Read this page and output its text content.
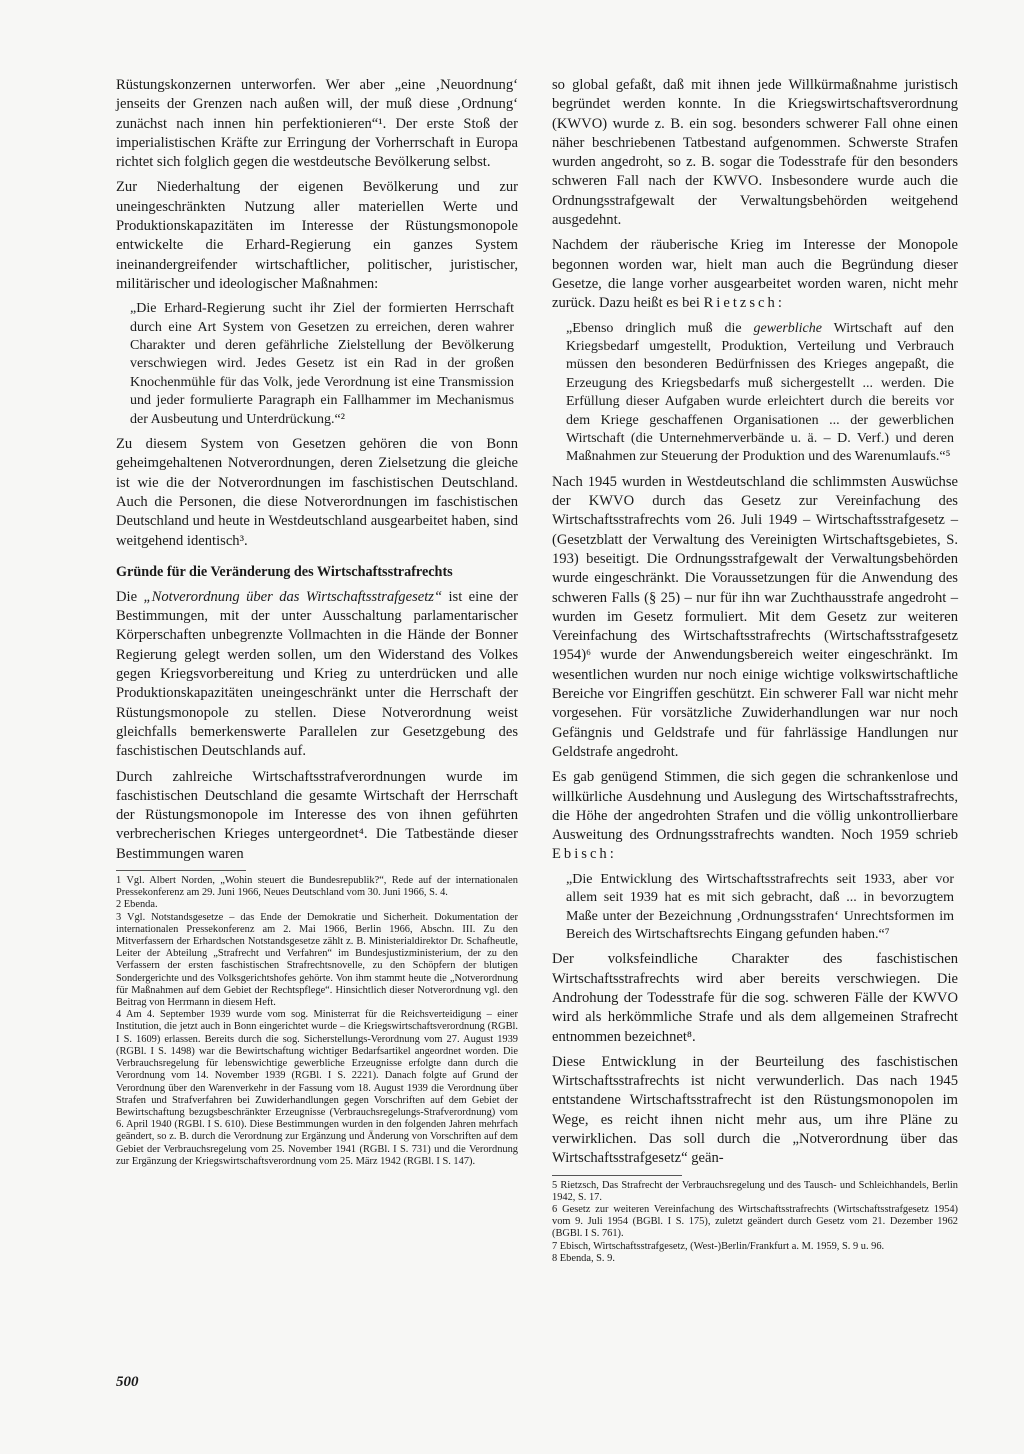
Rüstungskonzernen unterworfen. Wer aber „eine ‚Neuordnung‘ jenseits der Grenzen nach außen will, der muß diese ‚Ordnung‘ zunächst nach innen hin perfektionieren“¹. Der erste Stoß der imperialistischen Kräfte zur Erringung der Vorherrschaft in Europa richtet sich folglich gegen die westdeutsche Bevölkerung selbst.

Zur Niederhaltung der eigenen Bevölkerung und zur uneingeschränkten Nutzung aller materiellen Werte und Produktionskapazitäten im Interesse der Rüstungsmonopole entwickelte die Erhard-Regierung ein ganzes System ineinandergreifender wirtschaftlicher, politischer, juristischer, militärischer und ideologischer Maßnahmen:

„Die Erhard-Regierung sucht ihr Ziel der formierten Herrschaft durch eine Art System von Gesetzen zu erreichen, deren wahrer Charakter und deren gefährliche Zielstellung der Bevölkerung verschwiegen wird. Jedes Gesetz ist ein Rad in der großen Knochenmühle für das Volk, jede Verordnung ist eine Transmission und jeder formulierte Paragraph ein Fallhammer im Mechanismus der Ausbeutung und Unterdrückung.“²

Zu diesem System von Gesetzen gehören die von Bonn geheimgehaltenen Notverordnungen, deren Zielsetzung die gleiche ist wie die der Notverordnungen im faschistischen Deutschland. Auch die Personen, die diese Notverordnungen im faschistischen Deutschland und heute in Westdeutschland ausgearbeitet haben, sind weitgehend identisch³.

Gründe für die Veränderung des Wirtschaftsstrafrechts

Die „Notverordnung über das Wirtschaftsstrafgesetz“ ist eine der Bestimmungen, mit der unter Ausschaltung parlamentarischer Körperschaften unbegrenzte Vollmachten in die Hände der Bonner Regierung gelegt werden sollen, um den Widerstand des Volkes gegen Kriegsvorbereitung und Krieg zu unterdrücken und alle Produktionskapazitäten uneingeschränkt unter die Herrschaft der Rüstungsmonopole zu stellen. Diese Notverordnung weist gleichfalls bemerkenswerte Parallelen zur Gesetzgebung des faschistischen Deutschlands auf.

Durch zahlreiche Wirtschaftsstrafverordnungen wurde im faschistischen Deutschland die gesamte Wirtschaft der Herrschaft der Rüstungsmonopole im Interesse des von ihnen geführten verbrecherischen Krieges untergeordnet⁴. Die Tatbestände dieser Bestimmungen waren

1 Vgl. Albert Norden, „Wohin steuert die Bundesrepublik?“, Rede auf der internationalen Pressekonferenz am 29. Juni 1966, Neues Deutschland vom 30. Juni 1966, S. 4.

2 Ebenda.

3 Vgl. Notstandsgesetze – das Ende der Demokratie und Sicherheit. Dokumentation der internationalen Pressekonferenz am 2. Mai 1966, Berlin 1966, Abschn. III. Zu den Mitverfassern der Erhardschen Notstandsgesetze zählt z. B. Ministerialdirektor Dr. Schafheutle, Leiter der Abteilung „Strafrecht und Verfahren“ im Bundesjustizministerium, der zu den Verfassern der ersten faschistischen Strafrechtsnovelle, zu den Schöpfern der blutigen Sondergerichte und des Volksgerichtshofes gehörte. Von ihm stammt heute die „Notverordnung für Maßnahmen auf dem Gebiet der Rechtspflege“. Hinsichtlich dieser Notverordnung vgl. den Beitrag von Herrmann in diesem Heft.

4 Am 4. September 1939 wurde vom sog. Ministerrat für die Reichsverteidigung – einer Institution, die jetzt auch in Bonn eingerichtet wurde – die Kriegswirtschaftsverordnung (RGBl. I S. 1609) erlassen. Bereits durch die sog. Sicherstellungs-Verordnung vom 27. August 1939 (RGBl. I S. 1498) war die Bewirtschaftung wichtiger Bedarfsartikel angeordnet worden. Die Verbrauchsregelung für lebenswichtige gewerbliche Erzeugnisse erfolgte dann durch die Verordnung vom 14. November 1939 (RGBl. I S. 2221). Danach folgte auf Grund der Verordnung über den Warenverkehr in der Fassung vom 18. August 1939 die Verordnung über Strafen und Strafverfahren bei Zuwiderhandlungen gegen Vorschriften auf dem Gebiet der Bewirtschaftung bezugsbeschränkter Erzeugnisse (Verbrauchsregelungs-Strafverordnung) vom 6. April 1940 (RGBl. I S. 610). Diese Bestimmungen wurden in den folgenden Jahren mehrfach geändert, so z. B. durch die Verordnung zur Ergänzung und Änderung von Vorschriften auf dem Gebiet der Verbrauchsregelung vom 25. November 1941 (RGBl. I S. 731) und die Verordnung zur Ergänzung der Kriegswirtschaftsverordnung vom 25. März 1942 (RGBl. I S. 147).

so global gefaßt, daß mit ihnen jede Willkürmaßnahme juristisch begründet werden konnte. In die Kriegswirtschaftsverordnung (KWVO) wurde z. B. ein sog. besonders schwerer Fall ohne einen näher beschriebenen Tatbestand aufgenommen. Schwerste Strafen wurden angedroht, so z. B. sogar die Todesstrafe für den besonders schweren Fall nach der KWVO. Insbesondere wurde auch die Ordnungsstrafgewalt der Verwaltungsbehörden weitgehend ausgedehnt.

Nachdem der räuberische Krieg im Interesse der Monopole begonnen worden war, hielt man auch die Begründung dieser Gesetze, die lange vorher ausgearbeitet worden waren, nicht mehr zurück. Dazu heißt es bei Rietzsch:

„Ebenso dringlich muß die gewerbliche Wirtschaft auf den Kriegsbedarf umgestellt, Produktion, Verteilung und Verbrauch müssen den besonderen Bedürfnissen des Krieges angepaßt, die Erzeugung des Kriegsbedarfs muß sichergestellt ... werden. Die Erfüllung dieser Aufgaben wurde erleichtert durch die bereits vor dem Kriege geschaffenen Organisationen ... der gewerblichen Wirtschaft (die Unternehmerverbände u. ä. – D. Verf.) und deren Maßnahmen zur Steuerung der Produktion und des Warenumlaufs.“⁵

Nach 1945 wurden in Westdeutschland die schlimmsten Auswüchse der KWVO durch das Gesetz zur Vereinfachung des Wirtschaftsstrafrechts vom 26. Juli 1949 – Wirtschaftsstrafgesetz – (Gesetzblatt der Verwaltung des Vereinigten Wirtschaftsgebietes, S. 193) beseitigt. Die Ordnungsstrafgewalt der Verwaltungsbehörden wurde eingeschränkt. Die Voraussetzungen für die Anwendung des schweren Falls (§ 25) – nur für ihn war Zuchthausstrafe angedroht – wurden im Gesetz formuliert. Mit dem Gesetz zur weiteren Vereinfachung des Wirtschaftsstrafrechts (Wirtschaftsstrafgesetz 1954)⁶ wurde der Anwendungsbereich weiter eingeschränkt. Im wesentlichen wurden nur noch einige wichtige volkswirtschaftliche Bereiche vor Eingriffen geschützt. Ein schwerer Fall war nicht mehr vorgesehen. Für vorsätzliche Zuwiderhandlungen war nur noch Gefängnis und Geldstrafe und für fahrlässige Handlungen nur Geldstrafe angedroht.

Es gab genügend Stimmen, die sich gegen die schrankenlose und willkürliche Ausdehnung und Auslegung des Wirtschaftsstrafrechts, die Höhe der angedrohten Strafen und die völlig unkontrollierbare Ausweitung des Ordnungsstrafrechts wandten. Noch 1959 schrieb Ebisch:

„Die Entwicklung des Wirtschaftsstrafrechts seit 1933, aber vor allem seit 1939 hat es mit sich gebracht, daß ... in bevorzugtem Maße unter der Bezeichnung ‚Ordnungsstrafen‘ Unrechtsformen im Bereich des Wirtschaftsrechts Eingang gefunden haben.“⁷

Der volksfeindliche Charakter des faschistischen Wirtschaftsstrafrechts wird aber bereits verschwiegen. Die Androhung der Todesstrafe für die sog. schweren Fälle der KWVO wird als herkömmliche Strafe und als dem allgemeinen Strafrecht entnommen bezeichnet⁸.

Diese Entwicklung in der Beurteilung des faschistischen Wirtschaftsstrafrechts ist nicht verwunderlich. Das nach 1945 entstandene Wirtschaftsstrafrecht ist den Rüstungsmonopolen im Wege, es reicht ihnen nicht mehr aus, um ihre Pläne zu verwirklichen. Das soll durch die „Notverordnung über das Wirtschaftsstrafgesetz“ geän-

5 Rietzsch, Das Strafrecht der Verbrauchsregelung und des Tausch- und Schleichhandels, Berlin 1942, S. 17.

6 Gesetz zur weiteren Vereinfachung des Wirtschaftsstrafrechts (Wirtschaftsstrafgesetz 1954) vom 9. Juli 1954 (BGBl. I S. 175), zuletzt geändert durch Gesetz vom 21. Dezember 1962 (BGBl. I S. 761).

7 Ebisch, Wirtschaftsstrafgesetz, (West-)Berlin/Frankfurt a. M. 1959, S. 9 u. 96.

8 Ebenda, S. 9.

500
